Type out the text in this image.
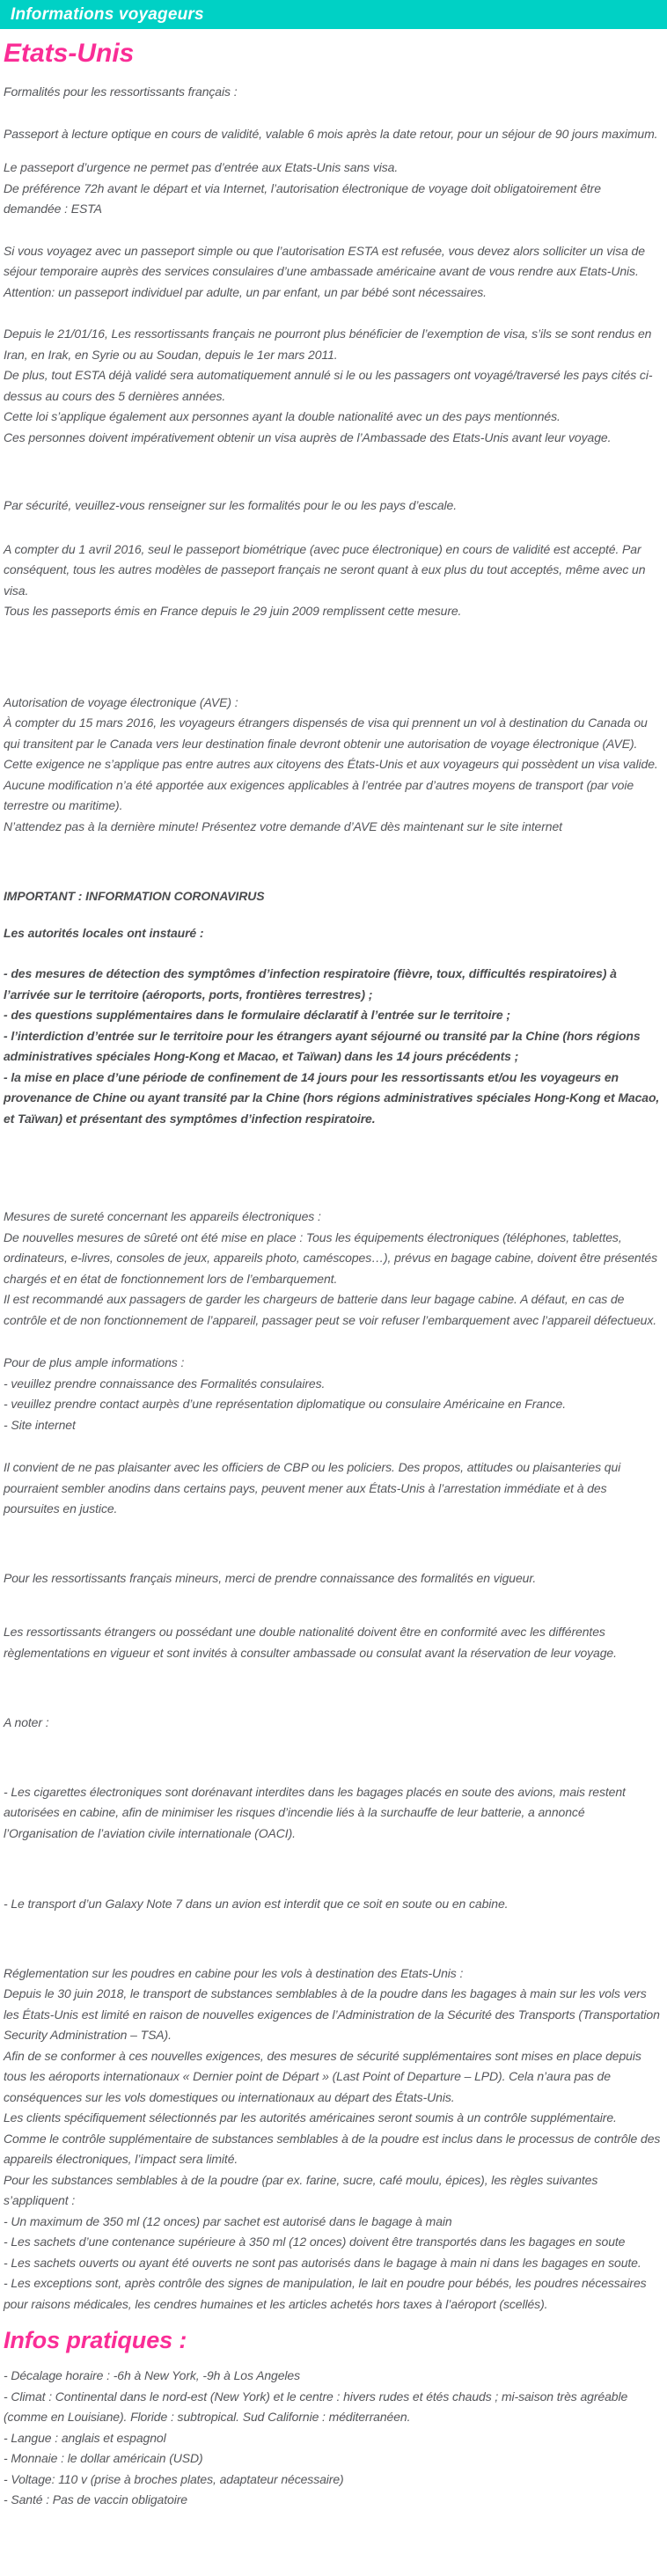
Informations voyageurs
Etats-Unis

Formalités pour les ressortissants français :

Passeport à lecture optique en cours de validité, valable 6 mois après la date retour, pour un séjour de 90 jours maximum.

Le passeport d’urgence ne permet pas d’entrée aux Etats-Unis sans visa.
De préférence 72h avant le départ et via Internet, l’autorisation électronique de voyage doit obligatoirement être demandée : ESTA

Si vous voyagez avec un passeport simple ou que l’autorisation ESTA est refusée, vous devez alors solliciter un visa de séjour temporaire auprès des services consulaires d’une ambassade américaine avant de vous rendre aux Etats-Unis.
Attention: un passeport individuel par adulte, un par enfant, un par bébé sont nécessaires.

Depuis le 21/01/16, Les ressortissants français ne pourront plus bénéficier de l’exemption de visa, s’ils se sont rendus en Iran, en Irak, en Syrie ou au Soudan, depuis le 1er mars 2011.
De plus, tout ESTA déjà validé sera automatiquement annulé si le ou les passagers ont voyagé/traversé les pays cités ci-dessus au cours des 5 dernières années.
Cette loi s’applique également aux personnes ayant la double nationalité avec un des pays mentionnés.
Ces personnes doivent impérativement obtenir un visa auprès de l’Ambassade des Etats-Unis avant leur voyage.

Par sécurité, veuillez-vous renseigner sur les formalités pour le ou les pays d’escale.

A compter du 1 avril 2016, seul le passeport biométrique (avec puce électronique) en cours de validité est accepté. Par conséquent, tous les autres modèles de passeport français ne seront quant à eux plus du tout acceptés, même avec un visa.
Tous les passeports émis en France depuis le 29 juin 2009 remplissent cette mesure.

Autorisation de voyage électronique (AVE) :
À compter du 15 mars 2016, les voyageurs étrangers dispensés de visa qui prennent un vol à destination du Canada ou qui transitent par le Canada vers leur destination finale devront obtenir une autorisation de voyage électronique (AVE). Cette exigence ne s’applique pas entre autres aux citoyens des États-Unis et aux voyageurs qui possèdent un visa valide. Aucune modification n’a été apportée aux exigences applicables à l’entrée par d’autres moyens de transport (par voie terrestre ou maritime).
N’attendez pas à la dernière minute! Présentez votre demande d’AVE dès maintenant sur le site internet

IMPORTANT : INFORMATION CORONAVIRUS

Les autorités locales ont instauré :

- des mesures de détection des symptômes d’infection respiratoire (fièvre, toux, difficultés respiratoires) à l’arrivée sur le territoire (aéroports, ports, frontières terrestres) ;
- des questions supplémentaires dans le formulaire déclaratif à l’entrée sur le territoire ;
- l’interdiction d’entrée sur le territoire pour les étrangers ayant séjourné ou transité par la Chine (hors régions administratives spéciales Hong-Kong et Macao, et Taïwan) dans les 14 jours précédents ;
- la mise en place d’une période de confinement de 14 jours pour les ressortissants et/ou les voyageurs en provenance de Chine ou ayant transité par la Chine (hors régions administratives spéciales Hong-Kong et Macao, et Taïwan) et présentant des symptômes d’infection respiratoire.

Mesures de sureté concernant les appareils électroniques :
De nouvelles mesures de sûreté ont été mise en place : Tous les équipements électroniques (téléphones, tablettes, ordinateurs, e-livres, consoles de jeux, appareils photo, caméscopes…), prévus en bagage cabine, doivent être présentés chargés et en état de fonctionnement lors de l’embarquement.
Il est recommandé aux passagers de garder les chargeurs de batterie dans leur bagage cabine. A défaut, en cas de contrôle et de non fonctionnement de l’appareil, passager peut se voir refuser l’embarquement avec l’appareil défectueux.

Pour de plus ample informations :
- veuillez prendre connaissance des Formalités consulaires.
- veuillez prendre contact aurpès d’une représentation diplomatique ou consulaire Américaine en France.
- Site internet

Il convient de ne pas plaisanter avec les officiers de CBP ou les policiers. Des propos, attitudes ou plaisanteries qui pourraient sembler anodins dans certains pays, peuvent mener aux États-Unis à l’arrestation immédiate et à des poursuites en justice.

Pour les ressortissants français mineurs, merci de prendre connaissance des formalités en vigueur.

Les ressortissants étrangers ou possédant une double nationalité doivent être en conformité avec les différentes règlementations en vigueur et sont invités à consulter ambassade ou consulat avant la réservation de leur voyage.

A noter :

- Les cigarettes électroniques sont dorénavant interdites dans les bagages placés en soute des avions, mais restent autorisées en cabine, afin de minimiser les risques d’incendie liés à la surchauffe de leur batterie, a annoncé l’Organisation de l’aviation civile internationale (OACI).

- Le transport d’un Galaxy Note 7 dans un avion est interdit que ce soit en soute ou en cabine.

Réglementation sur les poudres en cabine pour les vols à destination des Etats-Unis :
Depuis le 30 juin 2018, le transport de substances semblables à de la poudre dans les bagages à main sur les vols vers les États-Unis est limité en raison de nouvelles exigences de l’Administration de la Sécurité des Transports (Transportation Security Administration – TSA).
Afin de se conformer à ces nouvelles exigences, des mesures de sécurité supplémentaires sont mises en place depuis tous les aéroports internationaux « Dernier point de Départ » (Last Point of Departure – LPD). Cela n’aura pas de conséquences sur les vols domestiques ou internationaux au départ des États-Unis.
Les clients spécifiquement sélectionnés par les autorités américaines seront soumis à un contrôle supplémentaire.
Comme le contrôle supplémentaire de substances semblables à de la poudre est inclus dans le processus de contrôle des appareils électroniques, l’impact sera limité.
Pour les substances semblables à de la poudre (par ex. farine, sucre, café moulu, épices), les règles suivantes s’appliquent :
- Un maximum de 350 ml (12 onces) par sachet est autorisé dans le bagage à main
- Les sachets d’une contenance supérieure à 350 ml (12 onces) doivent être transportés dans les bagages en soute
- Les sachets ouverts ou ayant été ouverts ne sont pas autorisés dans le bagage à main ni dans les bagages en soute.
- Les exceptions sont, après contrôle des signes de manipulation, le lait en poudre pour bébés, les poudres nécessaires pour raisons médicales, les cendres humaines et les articles achetés hors taxes à l’aéroport (scellés).

Infos pratiques :

- Décalage horaire : -6h à New York, -9h à Los Angeles
- Climat : Continental dans le nord-est (New York) et le centre : hivers rudes et étés chauds ; mi-saison très agréable (comme en Louisiane). Floride : subtropical. Sud Californie : méditerranéen.
- Langue : anglais et espagnol
- Monnaie : le dollar américain (USD)
- Voltage: 110 v (prise à broches plates, adaptateur nécessaire)
- Santé : Pas de vaccin obligatoire
